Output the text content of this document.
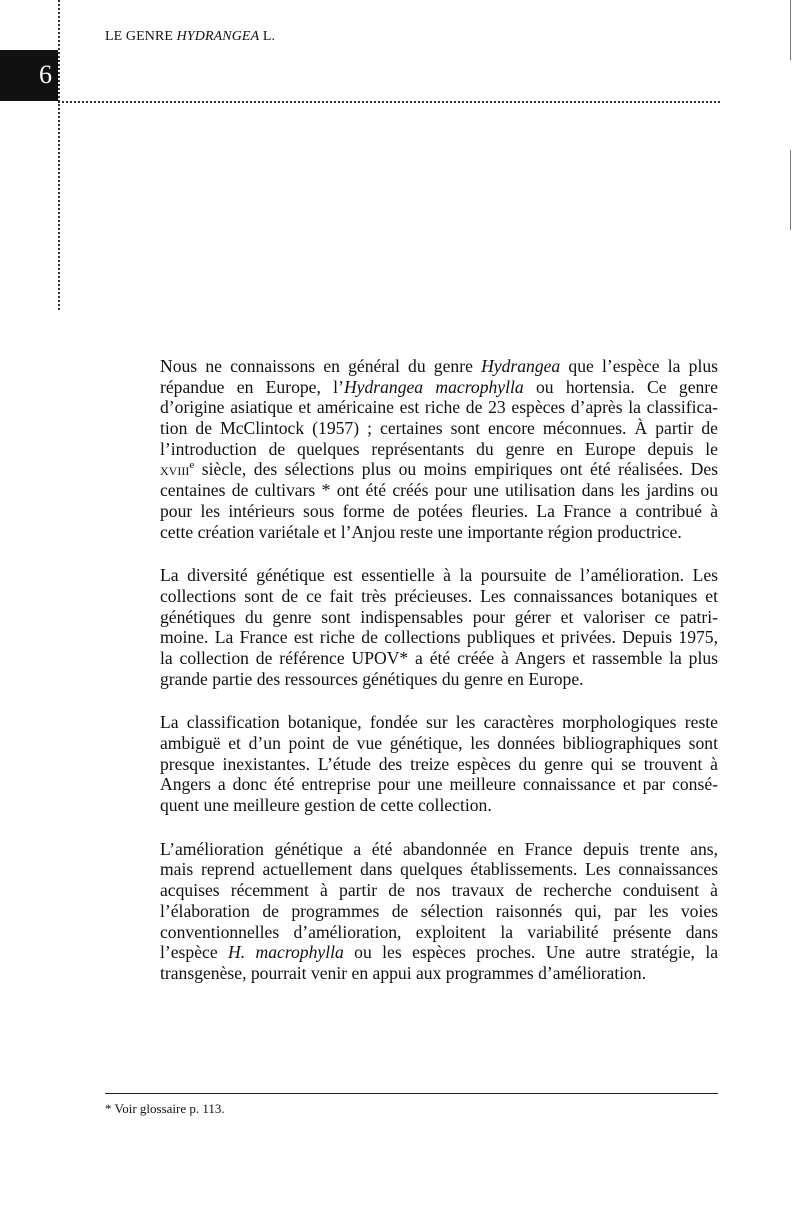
6
LE GENRE HYDRANGEA L.
Nous ne connaissons en général du genre Hydrangea que l’espèce la plus
répandue en Europe, l’Hydrangea macrophylla ou hortensia. Ce genre
d’origine asiatique et américaine est riche de 23 espèces d’après la classifica-
tion de McClintock (1957) ; certaines sont encore méconnues. À partir de
l’introduction de quelques représentants du genre en Europe depuis le
xviii$^e$ siècle, des sélections plus ou moins empiriques ont été réalisées. Des
centaines de cultivars * ont été créés pour une utilisation dans les jardins ou
pour les intérieurs sous forme de potées fleuries. La France a contribué à
cette création variétale et l’Anjou reste une importante région productrice.
La diversité génétique est essentielle à la poursuite de l’amélioration. Les
collections sont de ce fait très précieuses. Les connaissances botaniques et
génétiques du genre sont indispensables pour gérer et valoriser ce patri-
moine. La France est riche de collections publiques et privées. Depuis 1975,
la collection de référence UPOV* a été créée à Angers et rassemble la plus
grande partie des ressources génétiques du genre en Europe.
La classification botanique, fondée sur les caractères morphologiques reste
ambiguë et d’un point de vue génétique, les données bibliographiques sont
presque inexistantes. L’étude des treize espèces du genre qui se trouvent à
Angers a donc été entreprise pour une meilleure connaissance et par consé-
quent une meilleure gestion de cette collection.
L’amélioration génétique a été abandonnée en France depuis trente ans,
mais reprend actuellement dans quelques établissements. Les connaissances
acquises récemment à partir de nos travaux de recherche conduisent à
l’élaboration de programmes de sélection raisonnés qui, par les voies
conventionnelles d’amélioration, exploitent la variabilité présente dans
l’espèce H. macrophylla ou les espèces proches. Une autre stratégie, la
transgenèse, pourrait venir en appui aux programmes d’amélioration.
* Voir glossaire p. 113.
